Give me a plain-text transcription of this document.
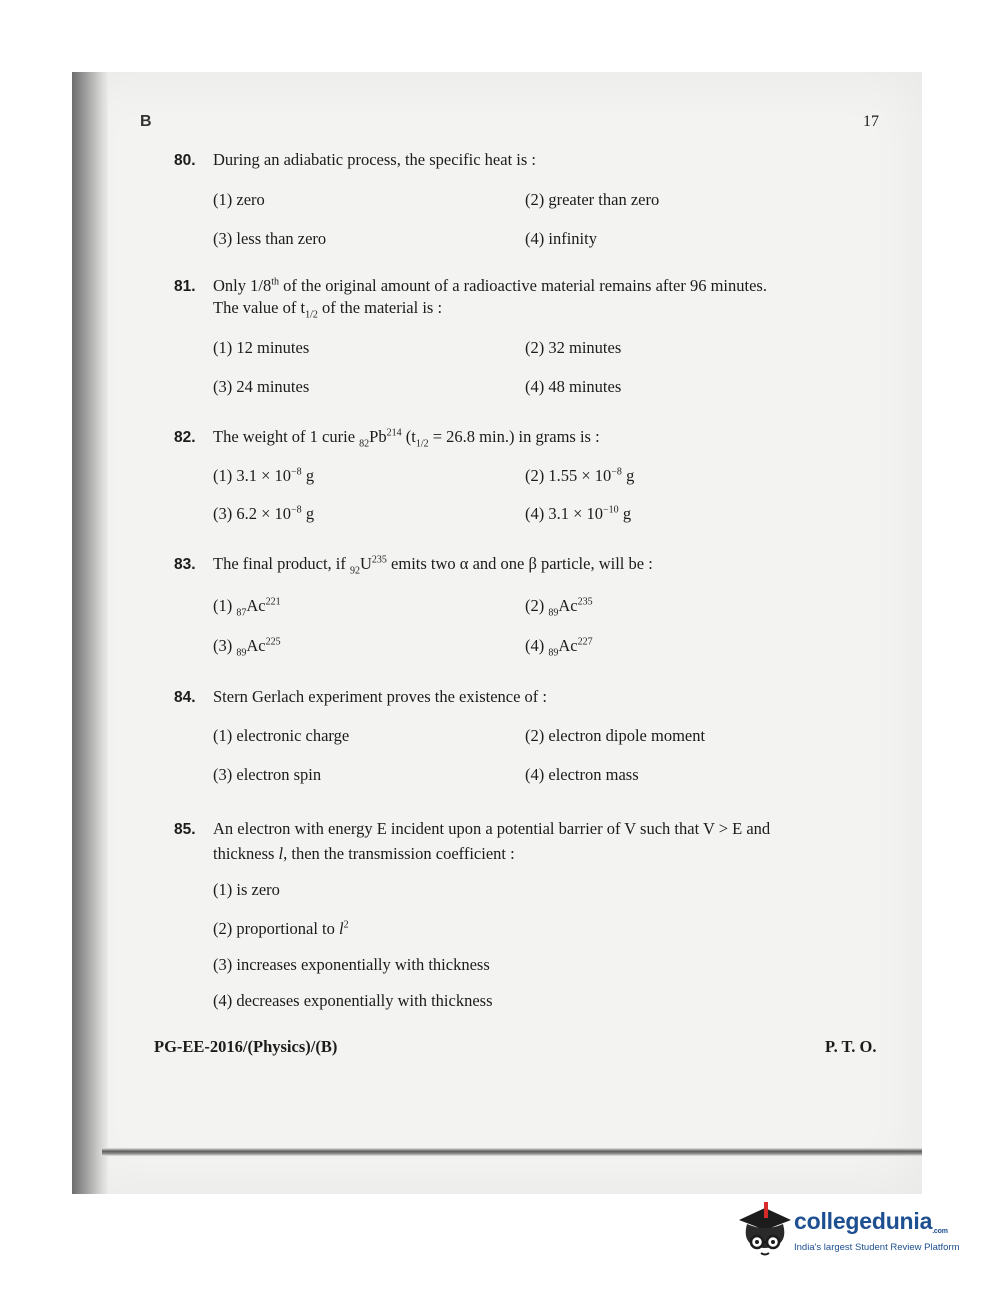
B	17
80. During an adiabatic process, the specific heat is :
(1) zero	(2) greater than zero
(3) less than zero	(4) infinity
81. Only 1/8th of the original amount of a radioactive material remains after 96 minutes.
The value of $t_{1/2}$ of the material is :
(1) 12 minutes	(2) 32 minutes
(3) 24 minutes	(4) 48 minutes
82. The weight of 1 curie $_{82}Pb^{214}$ ($t_{1/2} = 26.8$ min.) in grams is :
(1) $3.1 \times 10^{-8}$ g	(2) $1.55 \times 10^{-8}$ g
(3) $6.2 \times 10^{-8}$ g	(4) $3.1 \times 10^{-10}$ g
83. The final product, if $_{92}U^{235}$ emits two α and one β particle, will be :
(1) $_{87}Ac^{221}$	(2) $_{89}Ac^{235}$
(3) $_{89}Ac^{225}$	(4) $_{89}Ac^{227}$
84. Stern Gerlach experiment proves the existence of :
(1) electronic charge	(2) electron dipole moment
(3) electron spin	(4) electron mass
85. An electron with energy E incident upon a potential barrier of V such that V > E and
thickness l, then the transmission coefficient :
(1) is zero
(2) proportional to $l^2$
(3) increases exponentially with thickness
(4) decreases exponentially with thickness
PG-EE-2016/(Physics)/(B)	P. T. O.
collegedunia.com
India's largest Student Review Platform
